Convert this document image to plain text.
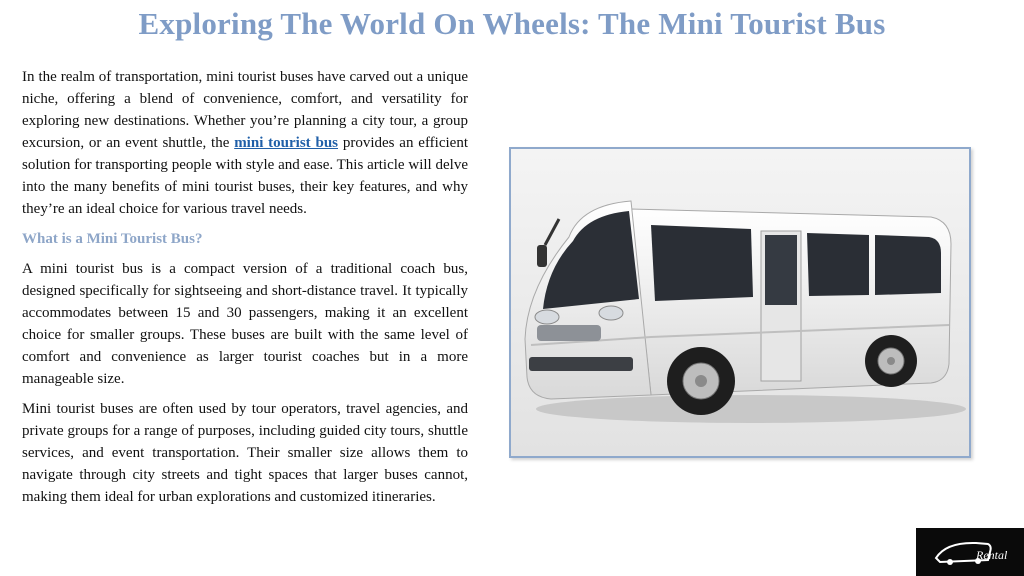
Exploring The World On Wheels: The Mini Tourist Bus

In the realm of transportation, mini tourist buses have carved out a unique niche, offering a blend of convenience, comfort, and versatility for exploring new destinations. Whether you’re planning a city tour, a group excursion, or an event shuttle, the mini tourist bus provides an efficient solution for transporting people with style and ease. This article will delve into the many benefits of mini tourist buses, their key features, and why they’re an ideal choice for various travel needs.

What is a Mini Tourist Bus?

A mini tourist bus is a compact version of a traditional coach bus, designed specifically for sightseeing and short-distance travel. It typically accommodates between 15 and 30 passengers, making it an excellent choice for smaller groups. These buses are built with the same level of comfort and convenience as larger tourist coaches but in a more manageable size.

Mini tourist buses are often used by tour operators, travel agencies, and private groups for a range of purposes, including guided city tours, shuttle services, and event transportation. Their smaller size allows them to navigate through city streets and tight spaces that larger buses cannot, making them ideal for urban explorations and customized itineraries.

Rental
